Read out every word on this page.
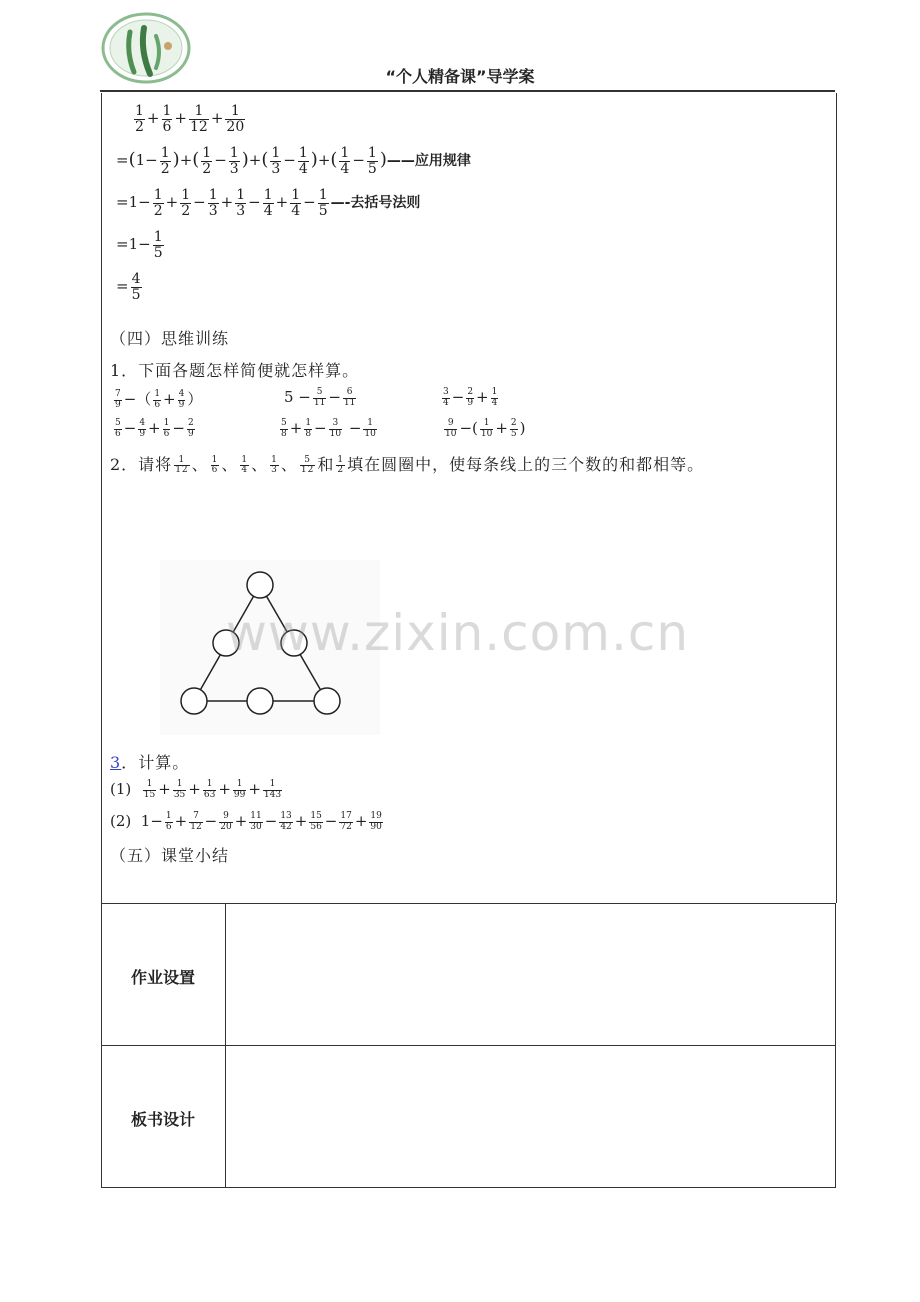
“个人精备课”导学案
$\frac{1}{2} + \frac{1}{6} + \frac{1}{12} + \frac{1}{20}$
$=(1- \frac{1}{2}$ )+( $\frac{1}{2} - \frac{1}{3}$ )+( $\frac{1}{3} - \frac{1}{4}$ )+( $\frac{1}{4} - \frac{1}{5}$ )——应用规律
$=1- \frac{1}{2} + \frac{1}{2} - \frac{1}{3} + \frac{1}{3} - \frac{1}{4} + \frac{1}{4} - \frac{1}{5}$ —-去括号法则
$=1- \frac{1}{5}$
= $\frac{4}{5}$
（四）思维训练
1．下面各题怎样简便就怎样算。
$\frac{7}{9}$ −（ $\frac{1}{6} + \frac{4}{9}$ ）	$5 - \frac{5}{11} - \frac{6}{11}$	$\frac{3}{4} - \frac{2}{9} + \frac{1}{4}$
$\frac{5}{6} - \frac{4}{9} + \frac{1}{6} - \frac{2}{9}$	$\frac{5}{8} + \frac{1}{8} - \frac{3}{10} - \frac{1}{10}$	$\frac{9}{10}$ −( $\frac{1}{10} + \frac{2}{5}$ )
2．请将 $\frac{1}{12}$ 、 $\frac{1}{6}$ 、 $\frac{1}{4}$ 、 $\frac{1}{3}$ 、 $\frac{5}{12}$ 和 $\frac{1}{2}$ 填在圆圈中，使每条线上的三个数的和都相等。
www.zixin.com.cn
3．计算。
$(1) \frac{1}{15} + \frac{1}{35} + \frac{1}{63} + \frac{1}{99} + \frac{1}{143}$
(2)  $1- \frac{1}{6} + \frac{7}{12} - \frac{9}{20} + \frac{11}{30} - \frac{13}{42} + \frac{15}{56} - \frac{17}{72} + \frac{19}{90}$
（五）课堂小结
作业设置
板书设计
